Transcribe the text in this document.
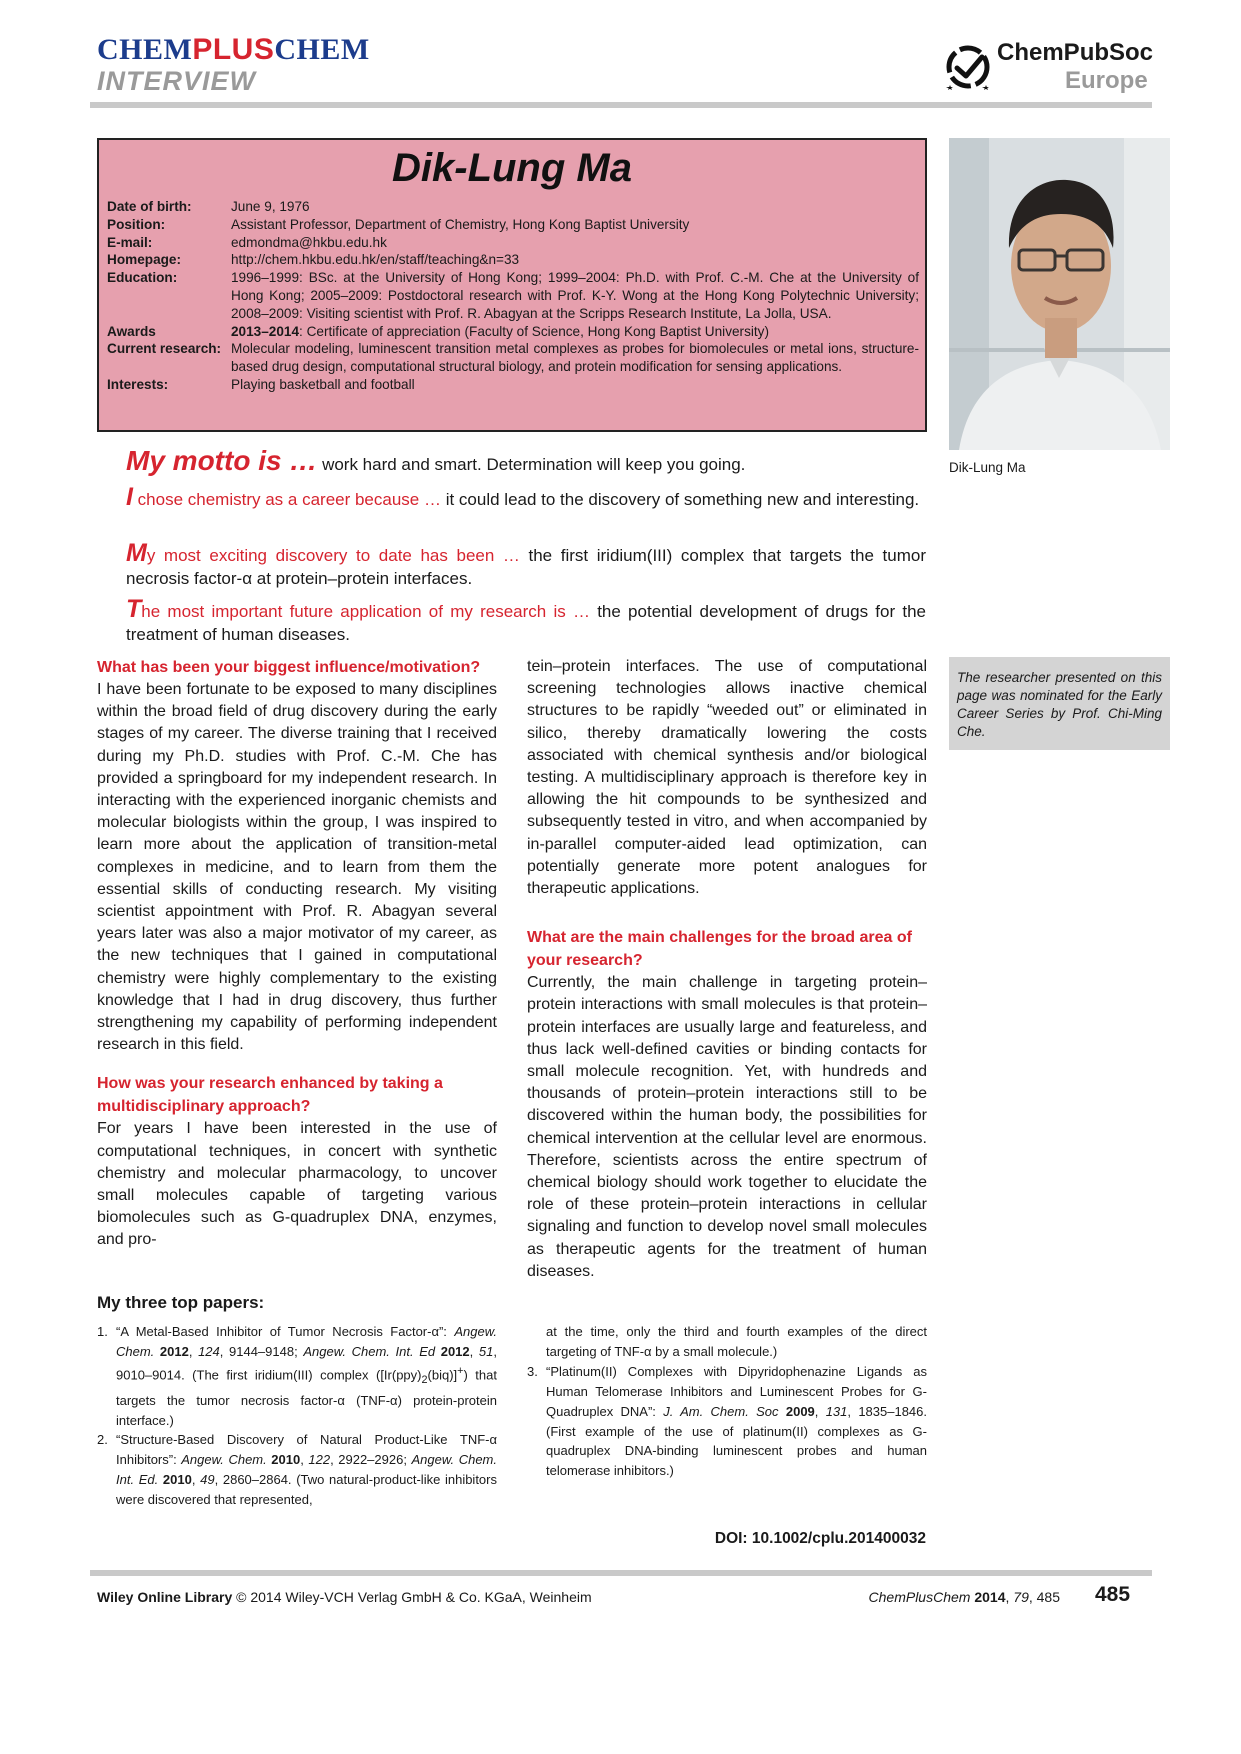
CHEMPLUSCHEM
INTERVIEW
ChemPubSoc
Europe
Dik-Lung Ma
Date of birth:	June 9, 1976
Position:	Assistant Professor, Department of Chemistry, Hong Kong Baptist University
E-mail:	edmondma@hkbu.edu.hk
Homepage:	http://chem.hkbu.edu.hk/en/staff/teaching&n=33
Education:	1996–1999: BSc. at the University of Hong Kong; 1999–2004: Ph.D. with Prof. C.-M. Che at the University of Hong Kong; 2005–2009: Postdoctoral research with Prof. K-Y. Wong at the Hong Kong Polytechnic University; 2008–2009: Visiting scientist with Prof. R. Abagyan at the Scripps Research Institute, La Jolla, USA.
Awards	2013–2014: Certificate of appreciation (Faculty of Science, Hong Kong Baptist University)
Current research: Molecular modeling, luminescent transition metal complexes as probes for biomolecules or metal ions, structure-based drug design, computational structural biology, and protein modification for sensing applications.
Interests:	Playing basketball and football
Dik-Lung Ma
My motto is … work hard and smart. Determination will keep you going.
I chose chemistry as a career because … it could lead to the discovery of something new and interesting.
My most exciting discovery to date has been … the first iridium(III) complex that targets the tumor necrosis factor-α at protein–protein interfaces.
The most important future application of my research is … the potential development of drugs for the treatment of human diseases.
What has been your biggest influence/motivation?

I have been fortunate to be exposed to many disciplines within the broad field of drug discovery during the early stages of my career. The diverse training that I received during my Ph.D. studies with Prof. C.-M. Che has provided a springboard for my independent research. In interacting with the experienced inorganic chemists and molecular biologists within the group, I was inspired to learn more about the application of transition-metal complexes in medicine, and to learn from them the essential skills of conducting research. My visiting scientist appointment with Prof. R. Abagyan several years later was also a major motivator of my career, as the new techniques that I gained in computational chemistry were highly complementary to the existing knowledge that I had in drug discovery, thus further strengthening my capability of performing independent research in this field.

How was your research enhanced by taking a multidisciplinary approach?

For years I have been interested in the use of computational techniques, in concert with synthetic chemistry and molecular pharmacology, to uncover small molecules capable of targeting various biomolecules such as G-quadruplex DNA, enzymes, and pro-

tein–protein interfaces. The use of computational screening technologies allows inactive chemical structures to be rapidly “weeded out” or eliminated in silico, thereby dramatically lowering the costs associated with chemical synthesis and/or biological testing. A multidisciplinary approach is therefore key in allowing the hit compounds to be synthesized and subsequently tested in vitro, and when accompanied by in-parallel computer-aided lead optimization, can potentially generate more potent analogues for therapeutic applications.

What are the main challenges for the broad area of your research?

Currently, the main challenge in targeting protein–protein interactions with small molecules is that protein–protein interfaces are usually large and featureless, and thus lack well-defined cavities or binding contacts for small molecule recognition. Yet, with hundreds and thousands of protein–protein interactions still to be discovered within the human body, the possibilities for chemical intervention at the cellular level are enormous. Therefore, scientists across the entire spectrum of chemical biology should work together to elucidate the role of these protein–protein interactions in cellular signaling and function to develop novel small molecules as therapeutic agents for the treatment of human diseases.

The researcher presented on this page was nominated for the Early Career Series by Prof. Chi-Ming Che.
My three top papers:
1. “A Metal-Based Inhibitor of Tumor Necrosis Factor-α”: Angew. Chem. 2012, 124, 9144–9148; Angew. Chem. Int. Ed 2012, 51, 9010–9014. (The first iridium(III) complex $([Ir(ppy)_2(biq)]^+)$ that targets the tumor necrosis factor-α (TNF-α) protein-protein interface.)
2. “Structure-Based Discovery of Natural Product-Like TNF-α Inhibitors”: Angew. Chem. 2010, 122, 2922–2926; Angew. Chem. Int. Ed. 2010, 49, 2860–2864. (Two natural-product-like inhibitors were discovered that represented,
at the time, only the third and fourth examples of the direct targeting of TNF-α by a small molecule.)
3. “Platinum(II) Complexes with Dipyridophenazine Ligands as Human Telomerase Inhibitors and Luminescent Probes for G-Quadruplex DNA”: J. Am. Chem. Soc 2009, 131, 1835–1846. (First example of the use of platinum(II) complexes as G-quadruplex DNA-binding luminescent probes and human telomerase inhibitors.)
DOI: 10.1002/cplu.201400032
Wiley Online Library © 2014 Wiley-VCH Verlag GmbH & Co. KGaA, Weinheim	ChemPlusChem 2014, 79, 485 485
